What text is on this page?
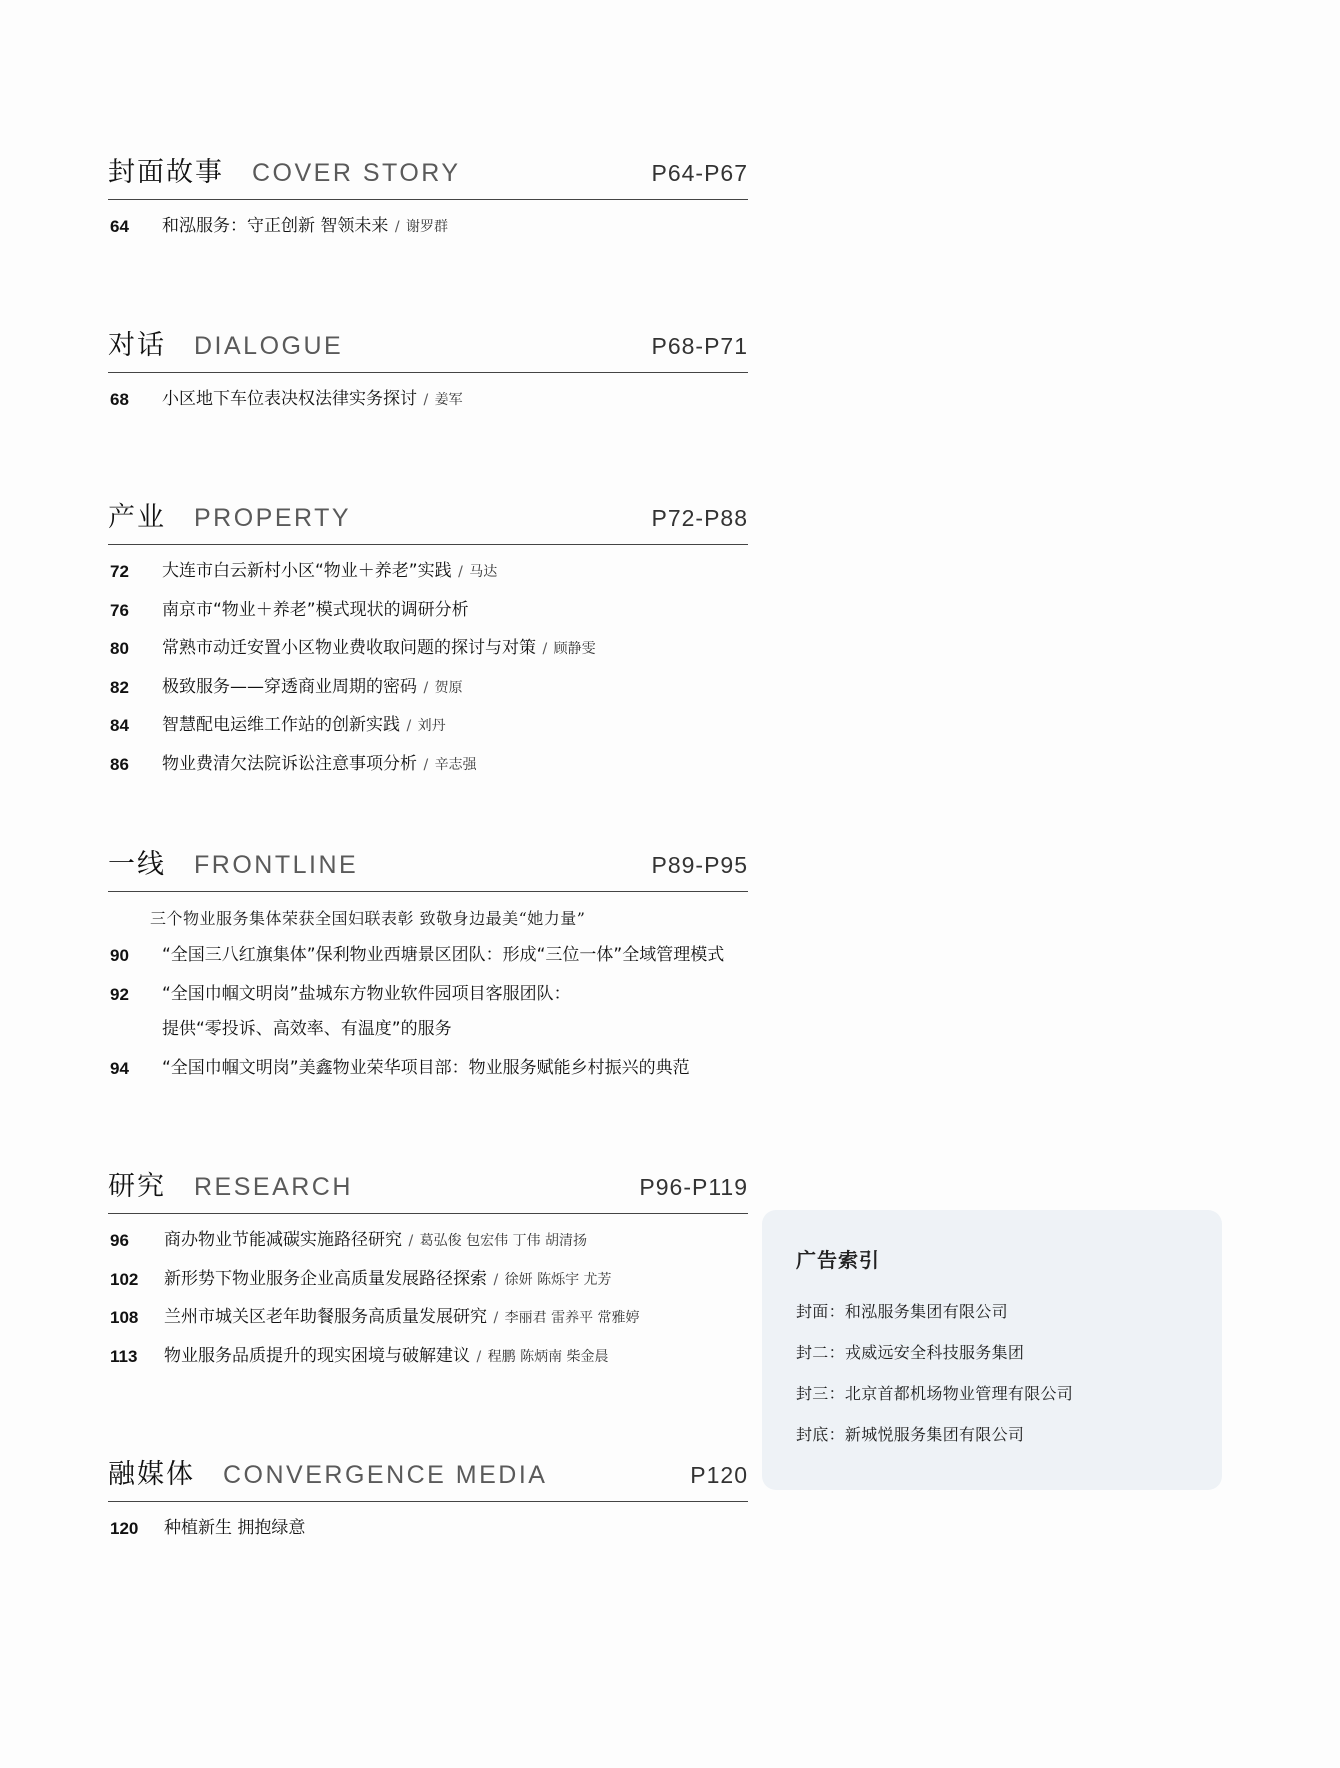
封面故事 COVER STORY	P64-P67
64	和泓服务：守正创新 智领未来 / 谢罗群
对话 DIALOGUE	P68-P71
68	小区地下车位表决权法律实务探讨 / 姜军
产业 PROPERTY	P72-P88
72	大连市白云新村小区“物业＋养老”实践 / 马达
76	南京市“物业＋养老”模式现状的调研分析
80	常熟市动迁安置小区物业费收取问题的探讨与对策 / 顾静雯
82	极致服务——穿透商业周期的密码 / 贺原
84	智慧配电运维工作站的创新实践 / 刘丹
86	物业费清欠法院诉讼注意事项分析 / 辛志强
一线 FRONTLINE	P89-P95
三个物业服务集体荣获全国妇联表彰 致敬身边最美“她力量”
90	“全国三八红旗集体”保利物业西塘景区团队：形成“三位一体”全域管理模式
92	“全国巾帼文明岗”盐城东方物业软件园项目客服团队：
提供“零投诉、高效率、有温度”的服务
94	“全国巾帼文明岗”美鑫物业荣华项目部：物业服务赋能乡村振兴的典范
研究 RESEARCH	P96-P119
96	商办物业节能减碳实施路径研究 / 葛弘俊 包宏伟 丁伟 胡清扬
102	新形势下物业服务企业高质量发展路径探索 / 徐妍 陈烁宇 尤芳
108	兰州市城关区老年助餐服务高质量发展研究 / 李丽君 雷养平 常雅婷
113	物业服务品质提升的现实困境与破解建议 / 程鹏 陈炳南 柴金晨
融媒体 CONVERGENCE MEDIA	P120
120	种植新生 拥抱绿意
广告索引
封面：和泓服务集团有限公司
封二：戎威远安全科技服务集团
封三：北京首都机场物业管理有限公司
封底：新城悦服务集团有限公司
